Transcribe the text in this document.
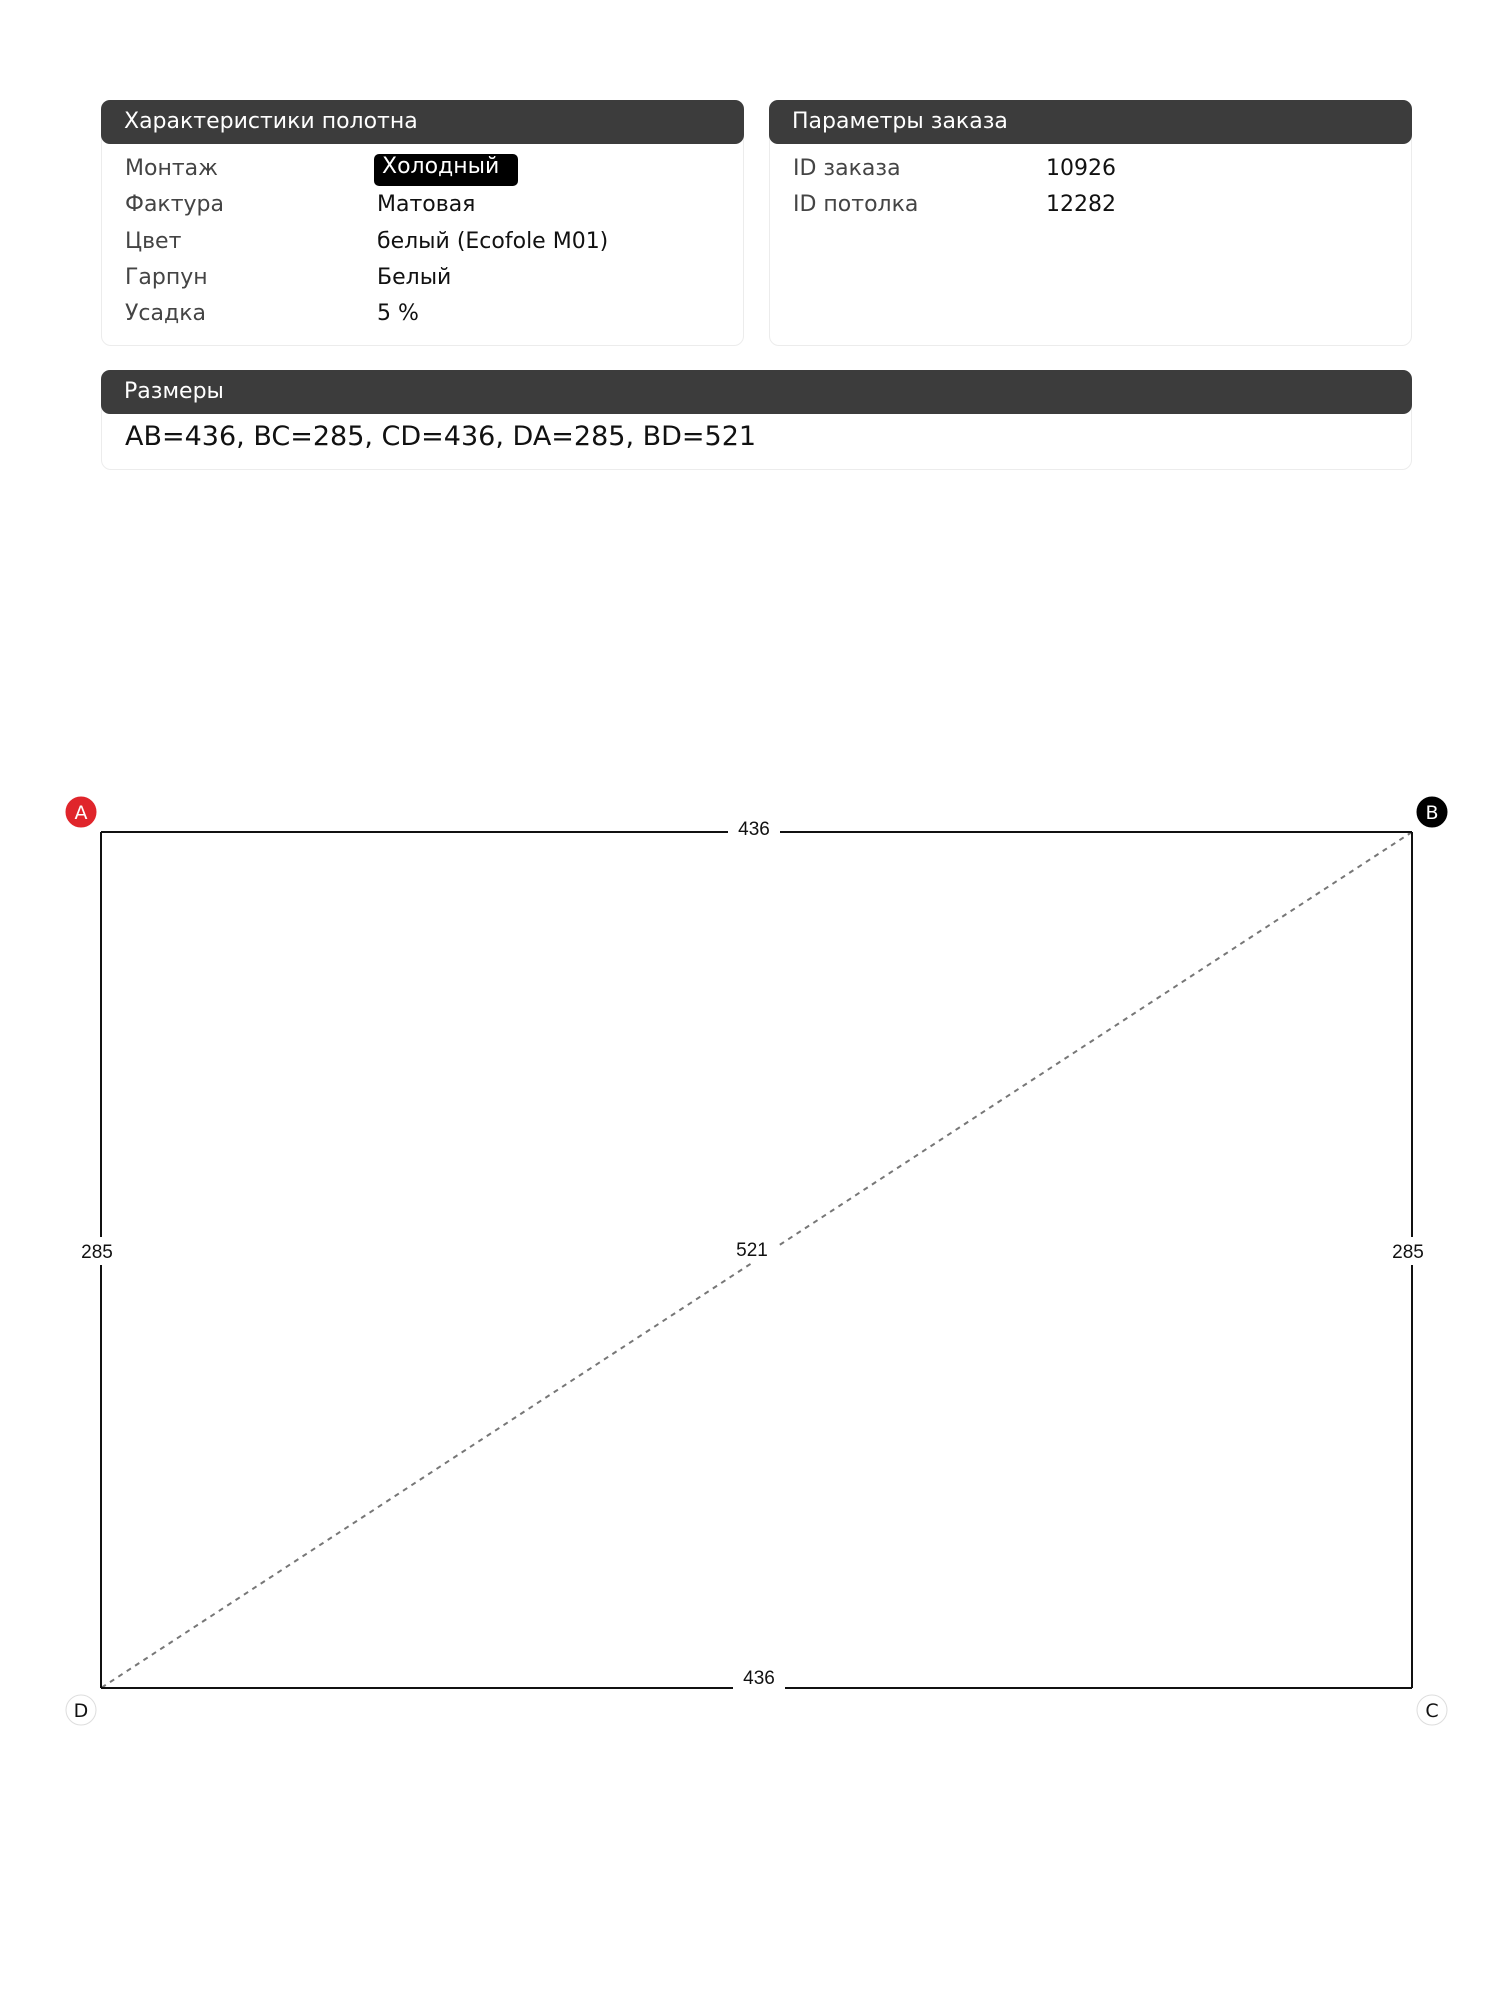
Характеристики полотна
Монтаж	Холодный
Фактура	Матовая
Цвет	белый (Ecofole M01)
Гарпун	Белый
Усадка	5 %
Параметры заказа
ID заказа	10926
ID потолка	12282
Размеры
AB=436, BC=285, CD=436, DA=285, BD=521
436
436
285	285
521
A	B
C
D
